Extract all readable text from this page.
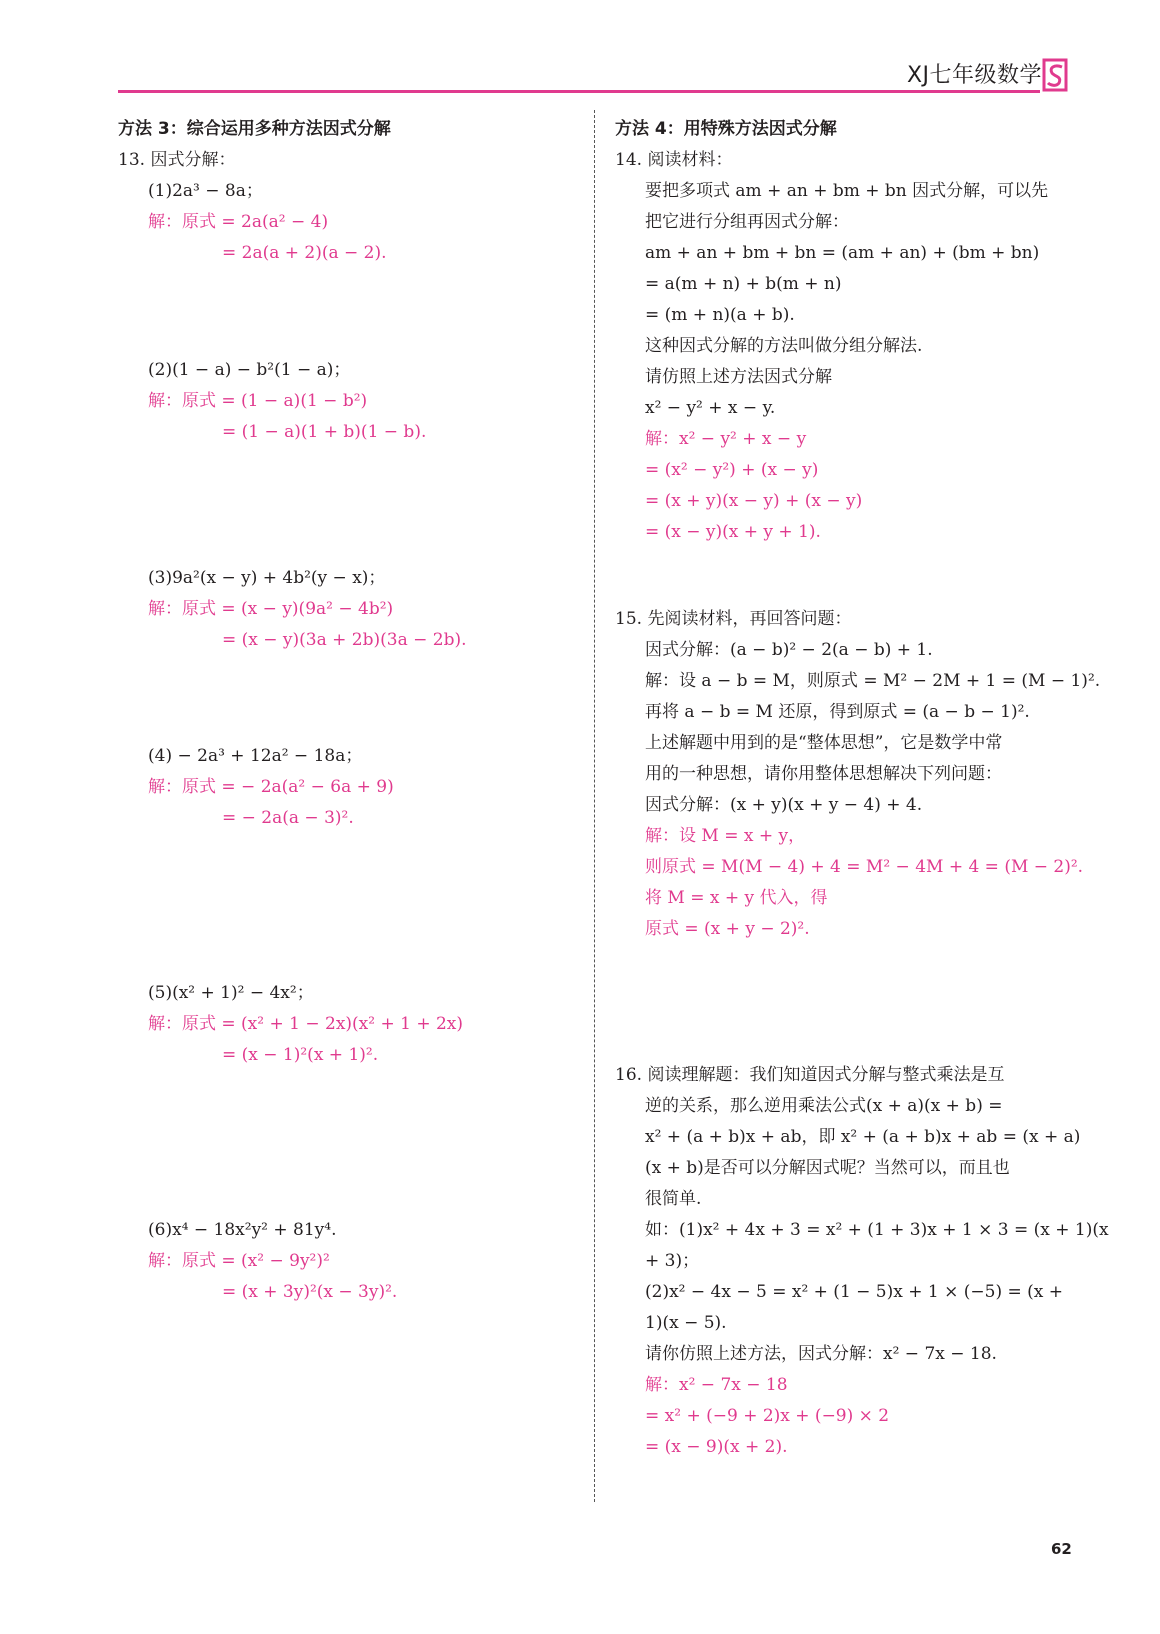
XJ七年级数学
方法 3：综合运用多种方法因式分解
13. 因式分解：
(1)2a³ − 8a；
解：原式 = 2a(a² − 4)
= 2a(a + 2)(a − 2).
(2)(1 − a) − b²(1 − a)；
解：原式 = (1 − a)(1 − b²)
= (1 − a)(1 + b)(1 − b).
(3)9a²(x − y) + 4b²(y − x)；
解：原式 = (x − y)(9a² − 4b²)
= (x − y)(3a + 2b)(3a − 2b).
(4) − 2a³ + 12a² − 18a；
解：原式 = − 2a(a² − 6a + 9)
= − 2a(a − 3)².
(5)(x² + 1)² − 4x²；
解：原式 = (x² + 1 − 2x)(x² + 1 + 2x)
= (x − 1)²(x + 1)².
(6)x⁴ − 18x²y² + 81y⁴.
解：原式 = (x² − 9y²)²
= (x + 3y)²(x − 3y)².
方法 4：用特殊方法因式分解
14. 阅读材料：
要把多项式 am + an + bm + bn 因式分解，可以先
把它进行分组再因式分解：
am + an + bm + bn = (am + an) + (bm + bn)
= a(m + n) + b(m + n)
= (m + n)(a + b).
这种因式分解的方法叫做分组分解法.
请仿照上述方法因式分解
x² − y² + x − y.
解：x² − y² + x − y
= (x² − y²) + (x − y)
= (x + y)(x − y) + (x − y)
= (x − y)(x + y + 1).
15. 先阅读材料，再回答问题：
因式分解：(a − b)² − 2(a − b) + 1.
解：设 a − b = M，则原式 = M² − 2M + 1 = (M − 1)².
再将 a − b = M 还原，得到原式 = (a − b − 1)².
上述解题中用到的是“整体思想”，它是数学中常
用的一种思想，请你用整体思想解决下列问题：
因式分解：(x + y)(x + y − 4) + 4.
解：设 M = x + y，
则原式 = M(M − 4) + 4 = M² − 4M + 4 = (M − 2)².
将 M = x + y 代入，得
原式 = (x + y − 2)².
16. 阅读理解题：我们知道因式分解与整式乘法是互
逆的关系，那么逆用乘法公式(x + a)(x + b) =
x² + (a + b)x + ab，即 x² + (a + b)x + ab = (x + a)
(x + b)是否可以分解因式呢？当然可以，而且也
很简单.
如：(1)x² + 4x + 3 = x² + (1 + 3)x + 1 × 3 = (x + 1)(x
+ 3)；
(2)x² − 4x − 5 = x² + (1 − 5)x + 1 × (−5) = (x +
1)(x − 5).
请你仿照上述方法，因式分解：x² − 7x − 18.
解：x² − 7x − 18
= x² + (−9 + 2)x + (−9) × 2
= (x − 9)(x + 2).
62
